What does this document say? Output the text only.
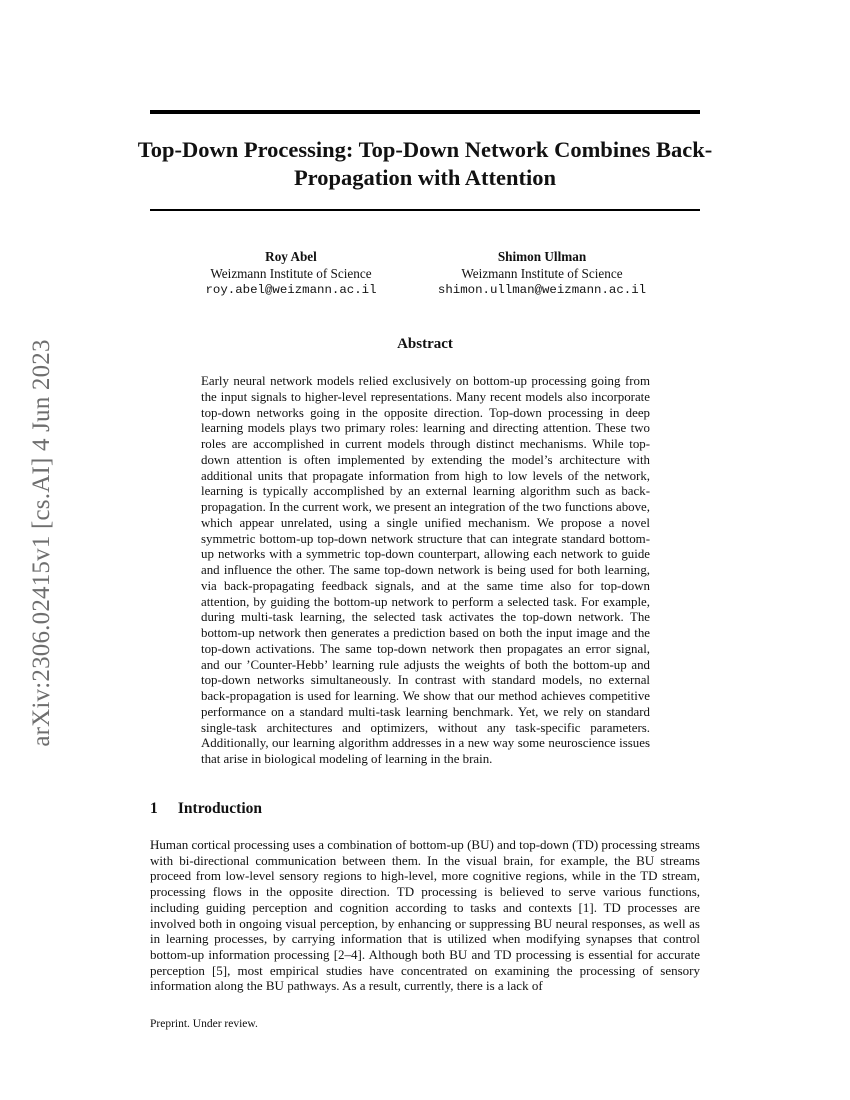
arXiv:2306.02415v1 [cs.AI] 4 Jun 2023
Top-Down Processing: Top-Down Network Combines Back-Propagation with Attention
Roy Abel
Weizmann Institute of Science
roy.abel@weizmann.ac.il
Shimon Ullman
Weizmann Institute of Science
shimon.ullman@weizmann.ac.il
Abstract

Early neural network models relied exclusively on bottom-up processing going from the input signals to higher-level representations. Many recent models also incorporate top-down networks going in the opposite direction. Top-down processing in deep learning models plays two primary roles: learning and directing attention. These two roles are accomplished in current models through distinct mechanisms. While top-down attention is often implemented by extending the model’s architecture with additional units that propagate information from high to low levels of the network, learning is typically accomplished by an external learning algorithm such as back-propagation. In the current work, we present an integration of the two functions above, which appear unrelated, using a single unified mechanism. We propose a novel symmetric bottom-up top-down network structure that can integrate standard bottom-up networks with a symmetric top-down counterpart, allowing each network to guide and influence the other. The same top-down network is being used for both learning, via back-propagating feedback signals, and at the same time also for top-down attention, by guiding the bottom-up network to perform a selected task. For example, during multi-task learning, the selected task activates the top-down network. The bottom-up network then generates a prediction based on both the input image and the top-down activations. The same top-down network then propagates an error signal, and our ’Counter-Hebb’ learning rule adjusts the weights of both the bottom-up and top-down networks simultaneously. In contrast with standard models, no external back-propagation is used for learning. We show that our method achieves competitive performance on a standard multi-task learning benchmark. Yet, we rely on standard single-task architectures and optimizers, without any task-specific parameters. Additionally, our learning algorithm addresses in a new way some neuroscience issues that arise in biological modeling of learning in the brain.

1 Introduction

Human cortical processing uses a combination of bottom-up (BU) and top-down (TD) processing streams with bi-directional communication between them. In the visual brain, for example, the BU streams proceed from low-level sensory regions to high-level, more cognitive regions, while in the TD stream, processing flows in the opposite direction. TD processing is believed to serve various functions, including guiding perception and cognition according to tasks and contexts [1]. TD processes are involved both in ongoing visual perception, by enhancing or suppressing BU neural responses, as well as in learning processes, by carrying information that is utilized when modifying synapses that control bottom-up information processing [2–4]. Although both BU and TD processing is essential for accurate perception [5], most empirical studies have concentrated on examining the processing of sensory information along the BU pathways. As a result, currently, there is a lack of

Preprint. Under review.
